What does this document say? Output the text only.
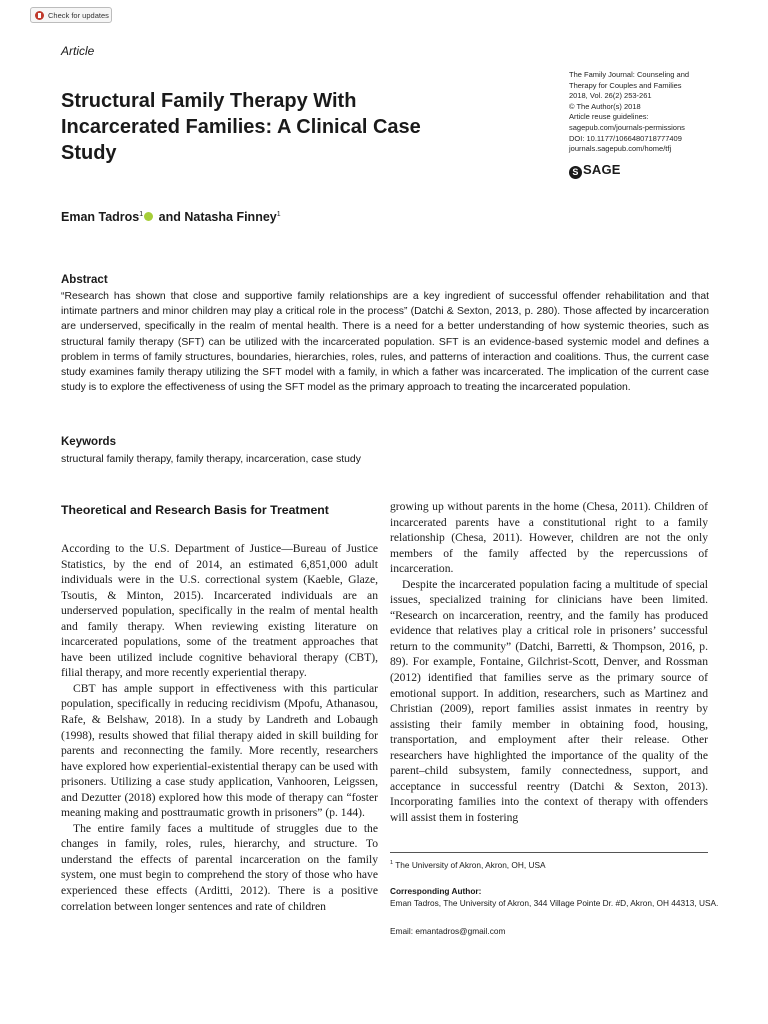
Check for updates
Article
Structural Family Therapy With Incarcerated Families: A Clinical Case Study
The Family Journal: Counseling and
Therapy for Couples and Families
2018, Vol. 26(2) 253-261
© The Author(s) 2018
Article reuse guidelines:
sagepub.com/journals-permissions
DOI: 10.1177/1066480718777409
journals.sagepub.com/home/tfj
S SAGE
Eman Tadros$^1$ and Natasha Finney$^1$
Abstract
“Research has shown that close and supportive family relationships are a key ingredient of successful offender rehabilitation and that intimate partners and minor children may play a critical role in the process” (Datchi & Sexton, 2013, p. 280). Those affected by incarceration are underserved, specifically in the realm of mental health. There is a need for a better understanding of how systemic theories, such as structural family therapy (SFT) can be utilized with the incarcerated population. SFT is an evidence-based systemic model and defines a problem in terms of family structures, boundaries, hierarchies, roles, rules, and patterns of interaction and coalitions. Thus, the current case study examines family therapy utilizing the SFT model with a family, in which a father was incarcerated. The implication of the current case study is to explore the effectiveness of using the SFT model as the primary approach to treating the incarcerated population.
Keywords
structural family therapy, family therapy, incarceration, case study
Theoretical and Research Basis for Treatment
According to the U.S. Department of Justice—Bureau of Justice Statistics, by the end of 2014, an estimated 6,851,000 adult individuals were in the U.S. correctional system (Kaeble, Glaze, Tsoutis, & Minton, 2015). Incarcerated individuals are an underserved population, specifically in the realm of mental health and family therapy. When reviewing existing literature on incarcerated populations, some of the treatment approaches that have been utilized include cognitive behavioral therapy (CBT), filial therapy, and more recently experiential therapy.
CBT has ample support in effectiveness with this particular population, specifically in reducing recidivism (Mpofu, Athanasou, Rafe, & Belshaw, 2018). In a study by Landreth and Lobaugh (1998), results showed that filial therapy aided in skill building for parents and reconnecting the family. More recently, researchers have explored how experiential-existential therapy can be used with prisoners. Utilizing a case study application, Vanhooren, Leigssen, and Dezutter (2018) explored how this mode of therapy can “foster meaning making and posttraumatic growth in prisoners” (p. 144).
The entire family faces a multitude of struggles due to the changes in family, roles, rules, hierarchy, and structure. To understand the effects of parental incarceration on the family system, one must begin to comprehend the story of those who have experienced these effects (Arditti, 2012). There is a positive correlation between longer sentences and rate of children
growing up without parents in the home (Chesa, 2011). Children of incarcerated parents have a constitutional right to a family relationship (Chesa, 2011). However, children are not the only members of the family affected by the repercussions of incarceration.
Despite the incarcerated population facing a multitude of special issues, specialized training for clinicians have been limited. “Research on incarceration, reentry, and the family has produced evidence that relatives play a critical role in prisoners’ successful return to the community” (Datchi, Barretti, & Thompson, 2016, p. 89). For example, Fontaine, Gilchrist-Scott, Denver, and Rossman (2012) identified that families serve as the primary source of emotional support. In addition, researchers, such as Martinez and Christian (2009), report families assist inmates in reentry by assisting their family member in obtaining food, housing, transportation, and employment after their release. Other researchers have highlighted the importance of the quality of the parent–child subsystem, family connectedness, support, and acceptance in successful reentry (Datchi & Sexton, 2013). Incorporating families into the context of therapy with offenders will assist them in fostering
$^1$ The University of Akron, Akron, OH, USA
Corresponding Author:
Eman Tadros, The University of Akron, 344 Village Pointe Dr. #D, Akron, OH 44313, USA.
Email: emantadros@gmail.com
